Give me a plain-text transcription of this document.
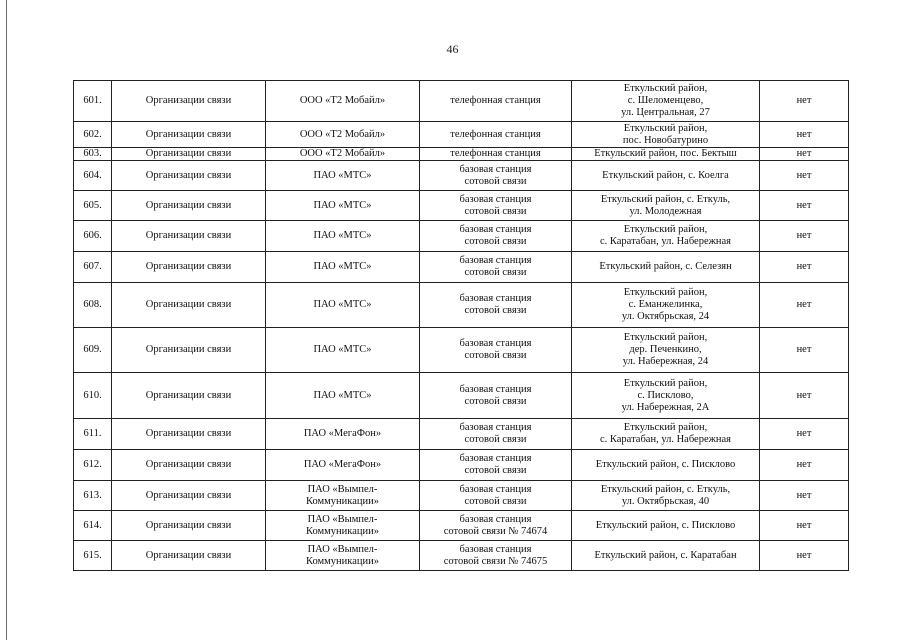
46
601.	Организации связи	ООО «Т2 Мобайл»	телефонная станция	Еткульский район,
с. Шеломенцево,
ул. Центральная, 27	нет
602.	Организации связи	ООО «Т2 Мобайл»	телефонная станция	Еткульский район,
пос. Новобатурино	нет
603.	Организации связи	ООО «Т2 Мобайл»	телефонная станция	Еткульский район, пос. Бектыш	нет
604.	Организации связи	ПАО «МТС»	базовая станция
сотовой связи	Еткульский район, с. Коелга	нет
605.	Организации связи	ПАО «МТС»	базовая станция
сотовой связи	Еткульский район, с. Еткуль,
ул. Молодежная	нет
606.	Организации связи	ПАО «МТС»	базовая станция
сотовой связи	Еткульский район,
с. Каратабан, ул. Набережная	нет
607.	Организации связи	ПАО «МТС»	базовая станция
сотовой связи	Еткульский район, с. Селезян	нет
608.	Организации связи	ПАО «МТС»	базовая станция
сотовой связи	Еткульский район,
с. Еманжелинка,
ул. Октябрьская, 24	нет
609.	Организации связи	ПАО «МТС»	базовая станция
сотовой связи	Еткульский район,
дер. Печенкино,
ул. Набережная, 24	нет
610.	Организации связи	ПАО «МТС»	базовая станция
сотовой связи	Еткульский район,
с. Писклово,
ул. Набережная, 2А	нет
611.	Организации связи	ПАО «МегаФон»	базовая станция
сотовой связи	Еткульский район,
с. Каратабан, ул. Набережная	нет
612.	Организации связи	ПАО «МегаФон»	базовая станция
сотовой связи	Еткульский район, с. Писклово	нет
613.	Организации связи	ПАО «Вымпел-
Коммуникации»	базовая станция
сотовой связи	Еткульский район, с. Еткуль,
ул. Октябрьская, 40	нет
614.	Организации связи	ПАО «Вымпел-
Коммуникации»	базовая станция
сотовой связи № 74674	Еткульский район, с. Писклово	нет
615.	Организации связи	ПАО «Вымпел-
Коммуникации»	базовая станция
сотовой связи № 74675	Еткульский район, с. Каратабан	нет
